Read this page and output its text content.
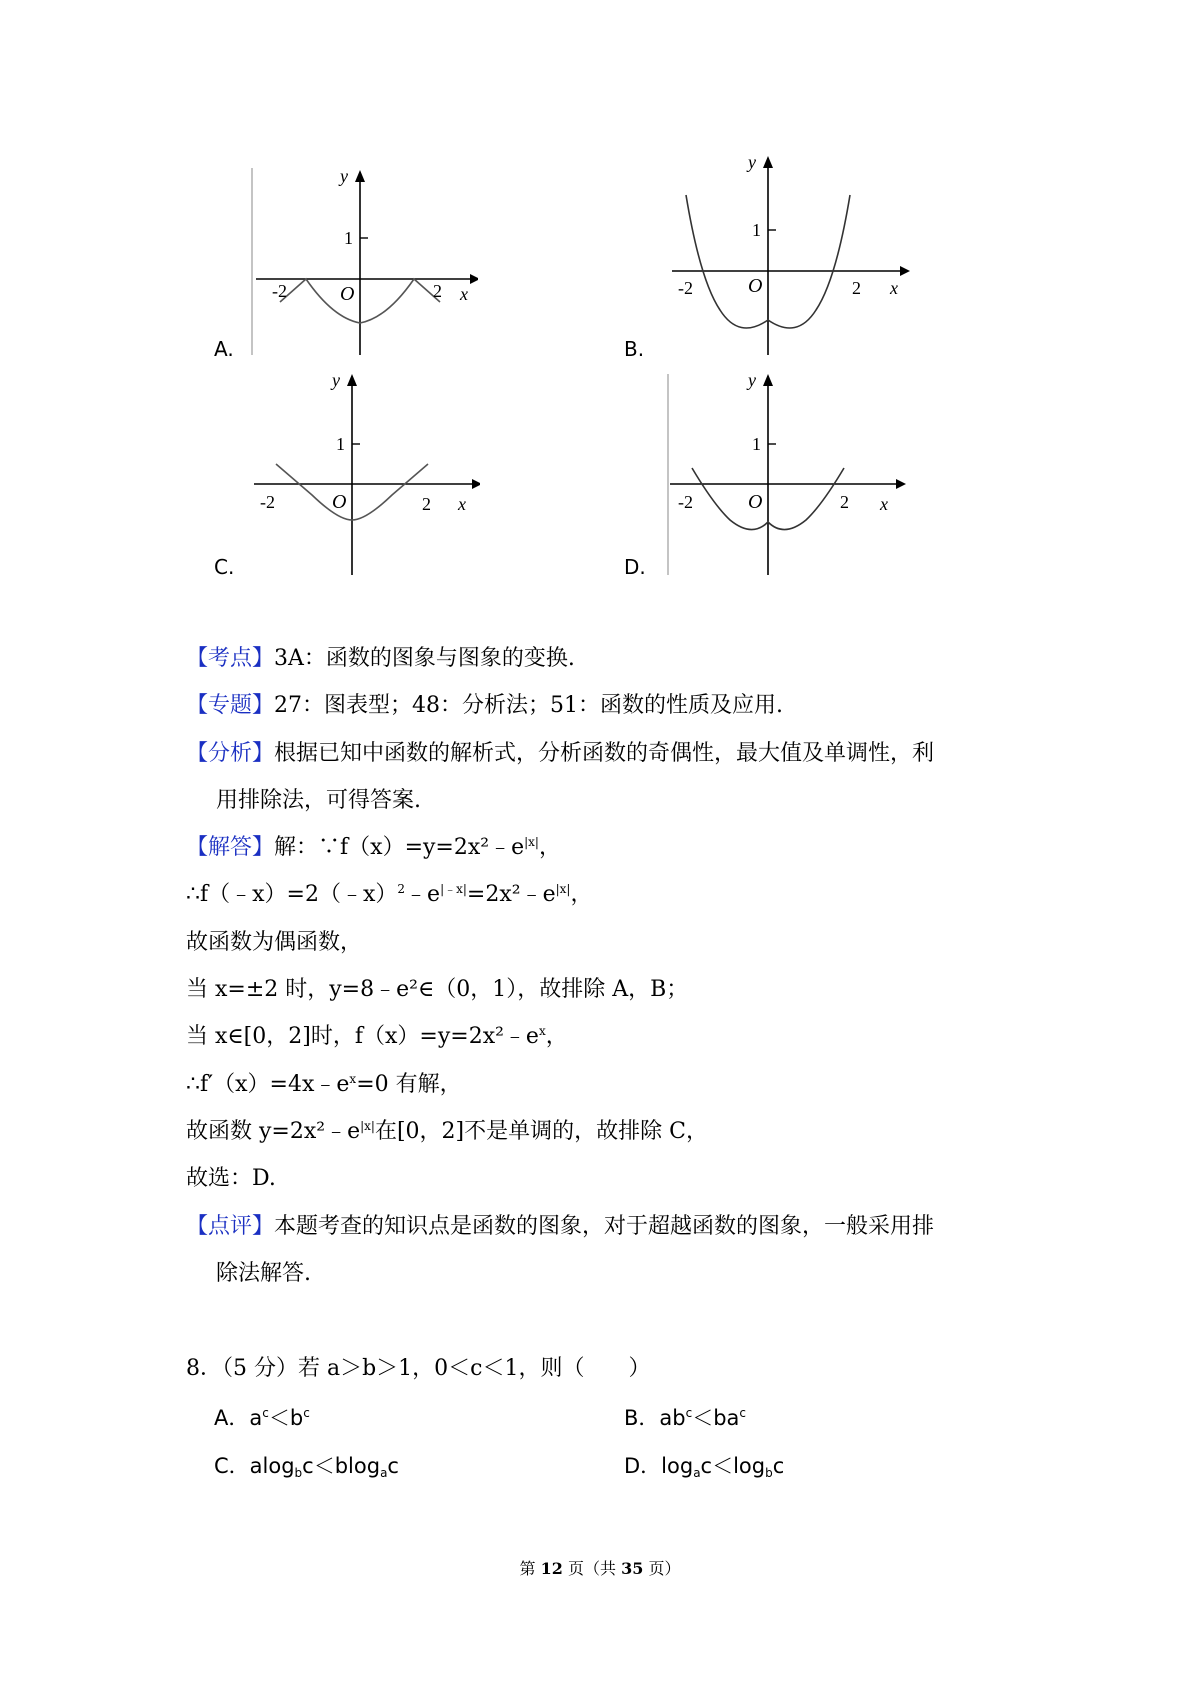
A.	B.
C.	D.
y
1
-2	O	2 x
y
1
-2	O	2 x
y
1
-2	O	2 x
y
1
-2	O	2 x
【考点】3A：函数的图象与图象的变换.
【专题】27：图表型；48：分析法；51：函数的性质及应用.
【分析】根据已知中函数的解析式，分析函数的奇偶性，最大值及单调性，利
用排除法，可得答案.
【解答】解：$\because f(x)=y=2x^2﹣e^{|x|}$，
$\therefore f(﹣x)=2(﹣x)^2﹣e^{|﹣x|}=2x^2﹣e^{|x|}$，
故函数为偶函数，
当 x=±2 时，y=8﹣e²∈（0，1），故排除 A，B；
当 x∈[0，2]时，$f(x)=y=2x^2﹣e^x$，
$\therefore f'(x)=4x﹣e^x=0$ 有解，
故函数 $y=2x^2﹣e^{|x|}$在[0，2]不是单调的，故排除 C，
故选：D.
【点评】本题考查的知识点是函数的图象，对于超越函数的图象，一般采用排
除法解答.
8．（5 分）若 a＞b＞1，0＜c＜1，则（　　）
A．$a^c<b^c$	B．$ab^c<ba^c$
C．alog$_b$c＜blog$_a$c	D．$\log_ac<\log_bc$
第 12 页（共 35 页）
